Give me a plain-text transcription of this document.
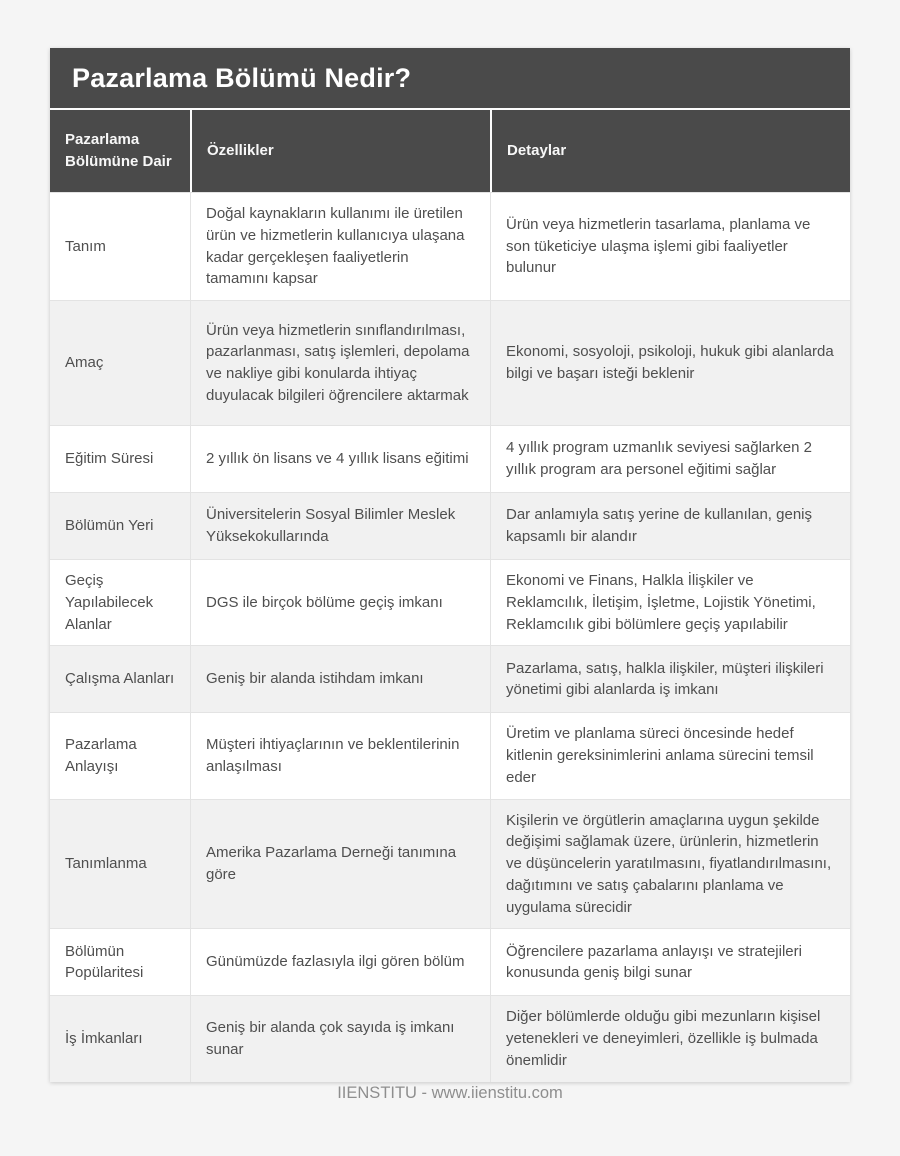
Pazarlama Bölümü Nedir?
Pazarlama Bölümüne Dair
Özellikler	Detaylar
Tanım
Doğal kaynakların kullanımı ile üretilen ürün ve hizmetlerin kullanıcıya ulaşana kadar gerçekleşen faaliyetlerin tamamını kapsar
Ürün veya hizmetlerin tasarlama, planlama ve son tüketiciye ulaşma işlemi gibi faaliyetler bulunur
Amaç
Ürün veya hizmetlerin sınıflandırılması, pazarlanması, satış işlemleri, depolama ve nakliye gibi konularda ihtiyaç duyulacak bilgileri öğrencilere aktarmak
Ekonomi, sosyoloji, psikoloji, hukuk gibi alanlarda bilgi ve başarı isteği beklenir
Eğitim Süresi	2 yıllık ön lisans ve 4 yıllık lisans eğitimi
4 yıllık program uzmanlık seviyesi sağlarken 2 yıllık program ara personel eğitimi sağlar
Bölümün Yeri
Üniversitelerin Sosyal Bilimler Meslek Yüksekokullarında
Dar anlamıyla satış yerine de kullanılan, geniş kapsamlı bir alandır
Geçiş Yapılabilecek Alanlar
DGS ile birçok bölüme geçiş imkanı
Ekonomi ve Finans, Halkla İlişkiler ve Reklamcılık, İletişim, İşletme, Lojistik Yönetimi, Reklamcılık gibi bölümlere geçiş yapılabilir
Çalışma Alanları Geniş bir alanda istihdam imkanı
Pazarlama, satış, halkla ilişkiler, müşteri ilişkileri yönetimi gibi alanlarda iş imkanı
Pazarlama Anlayışı
Müşteri ihtiyaçlarının ve beklentilerinin anlaşılması
Üretim ve planlama süreci öncesinde hedef kitlenin gereksinimlerini anlama sürecini temsil eder
Tanımlanma
Amerika Pazarlama Derneği tanımına göre
Kişilerin ve örgütlerin amaçlarına uygun şekilde değişimi sağlamak üzere, ürünlerin, hizmetlerin ve düşüncelerin yaratılmasını, fiyatlandırılmasını, dağıtımını ve satış çabalarını planlama ve uygulama sürecidir
Bölümün Popülaritesi
Günümüzde fazlasıyla ilgi gören bölüm
Öğrencilere pazarlama anlayışı ve stratejileri konusunda geniş bilgi sunar
İş İmkanları
Geniş bir alanda çok sayıda iş imkanı sunar
Diğer bölümlerde olduğu gibi mezunların kişisel yetenekleri ve deneyimleri, özellikle iş bulmada önemlidir
IIENSTITU - www.iienstitu.com
